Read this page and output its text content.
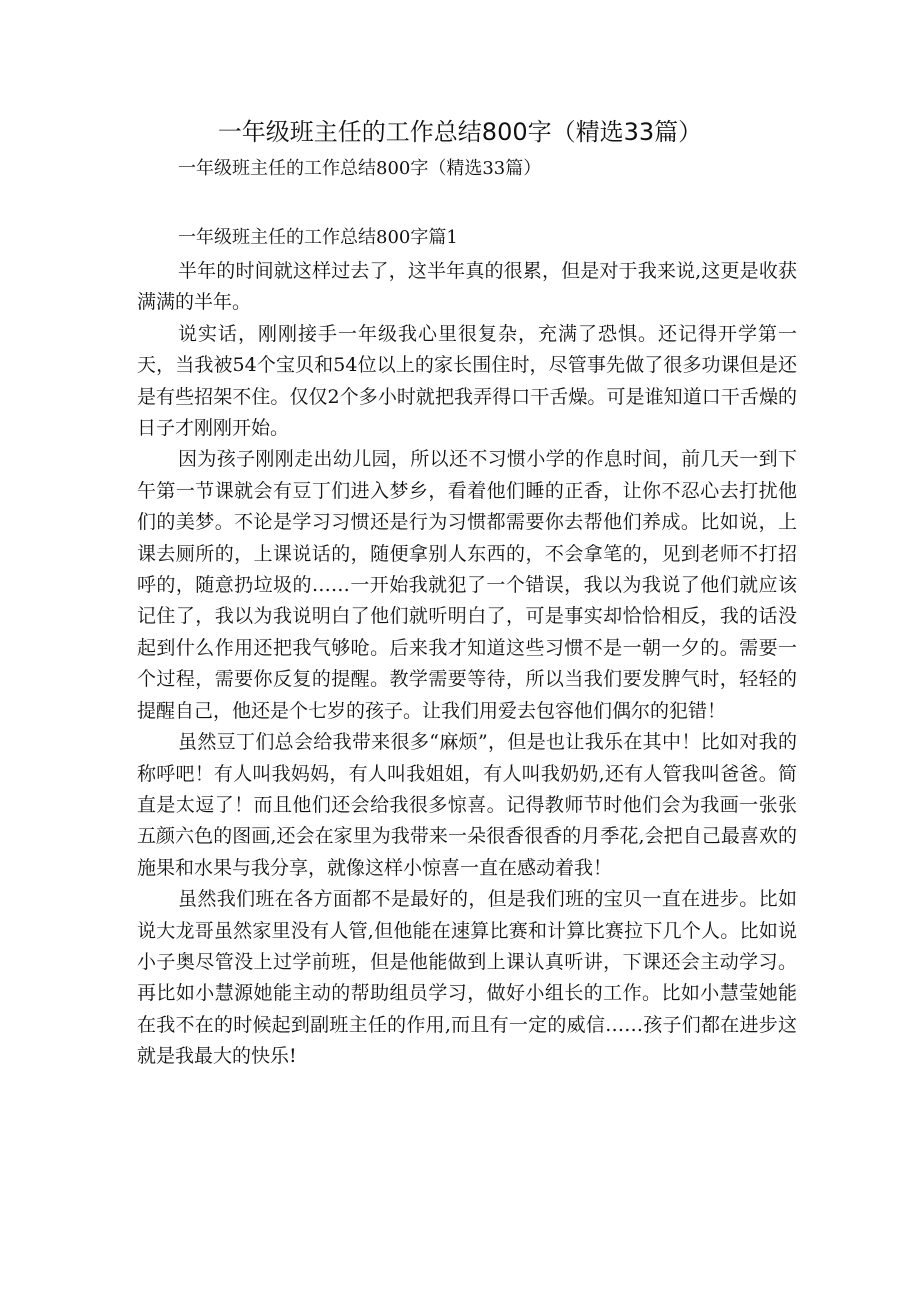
一年级班主任的工作总结800字（精选33篇）
一年级班主任的工作总结800字（精选33篇）
一年级班主任的工作总结800字篇1

半年的时间就这样过去了，这半年真的很累，但是对于我来说,这更是收获满满的半年。

说实话，刚刚接手一年级我心里很复杂，充满了恐惧。还记得开学第一天，当我被54个宝贝和54位以上的家长围住时，尽管事先做了很多功课但是还是有些招架不住。仅仅2个多小时就把我弄得口干舌燥。可是谁知道口干舌燥的日子才刚刚开始。

因为孩子刚刚走出幼儿园，所以还不习惯小学的作息时间，前几天一到下午第一节课就会有豆丁们进入梦乡，看着他们睡的正香，让你不忍心去打扰他们的美梦。不论是学习习惯还是行为习惯都需要你去帮他们养成。比如说，上课去厕所的，上课说话的，随便拿别人东西的，不会拿笔的，见到老师不打招呼的，随意扔垃圾的……一开始我就犯了一个错误，我以为我说了他们就应该记住了，我以为我说明白了他们就听明白了，可是事实却恰恰相反，我的话没起到什么作用还把我气够呛。后来我才知道这些习惯不是一朝一夕的。需要一个过程，需要你反复的提醒。教学需要等待，所以当我们要发脾气时，轻轻的提醒自己，他还是个七岁的孩子。让我们用爱去包容他们偶尔的犯错！

虽然豆丁们总会给我带来很多“麻烦”，但是也让我乐在其中！比如对我的称呼吧！有人叫我妈妈，有人叫我姐姐，有人叫我奶奶,还有人管我叫爸爸。简直是太逗了！而且他们还会给我很多惊喜。记得教师节时他们会为我画一张张五颜六色的图画,还会在家里为我带来一朵很香很香的月季花,会把自己最喜欢的施果和水果与我分享，就像这样小惊喜一直在感动着我！

虽然我们班在各方面都不是最好的，但是我们班的宝贝一直在进步。比如说大龙哥虽然家里没有人管,但他能在速算比赛和计算比赛拉下几个人。比如说小子奥尽管没上过学前班，但是他能做到上课认真听讲，下课还会主动学习。再比如小慧源她能主动的帮助组员学习，做好小组长的工作。比如小慧莹她能在我不在的时候起到副班主任的作用,而且有一定的威信……孩子们都在进步这就是我最大的快乐!
